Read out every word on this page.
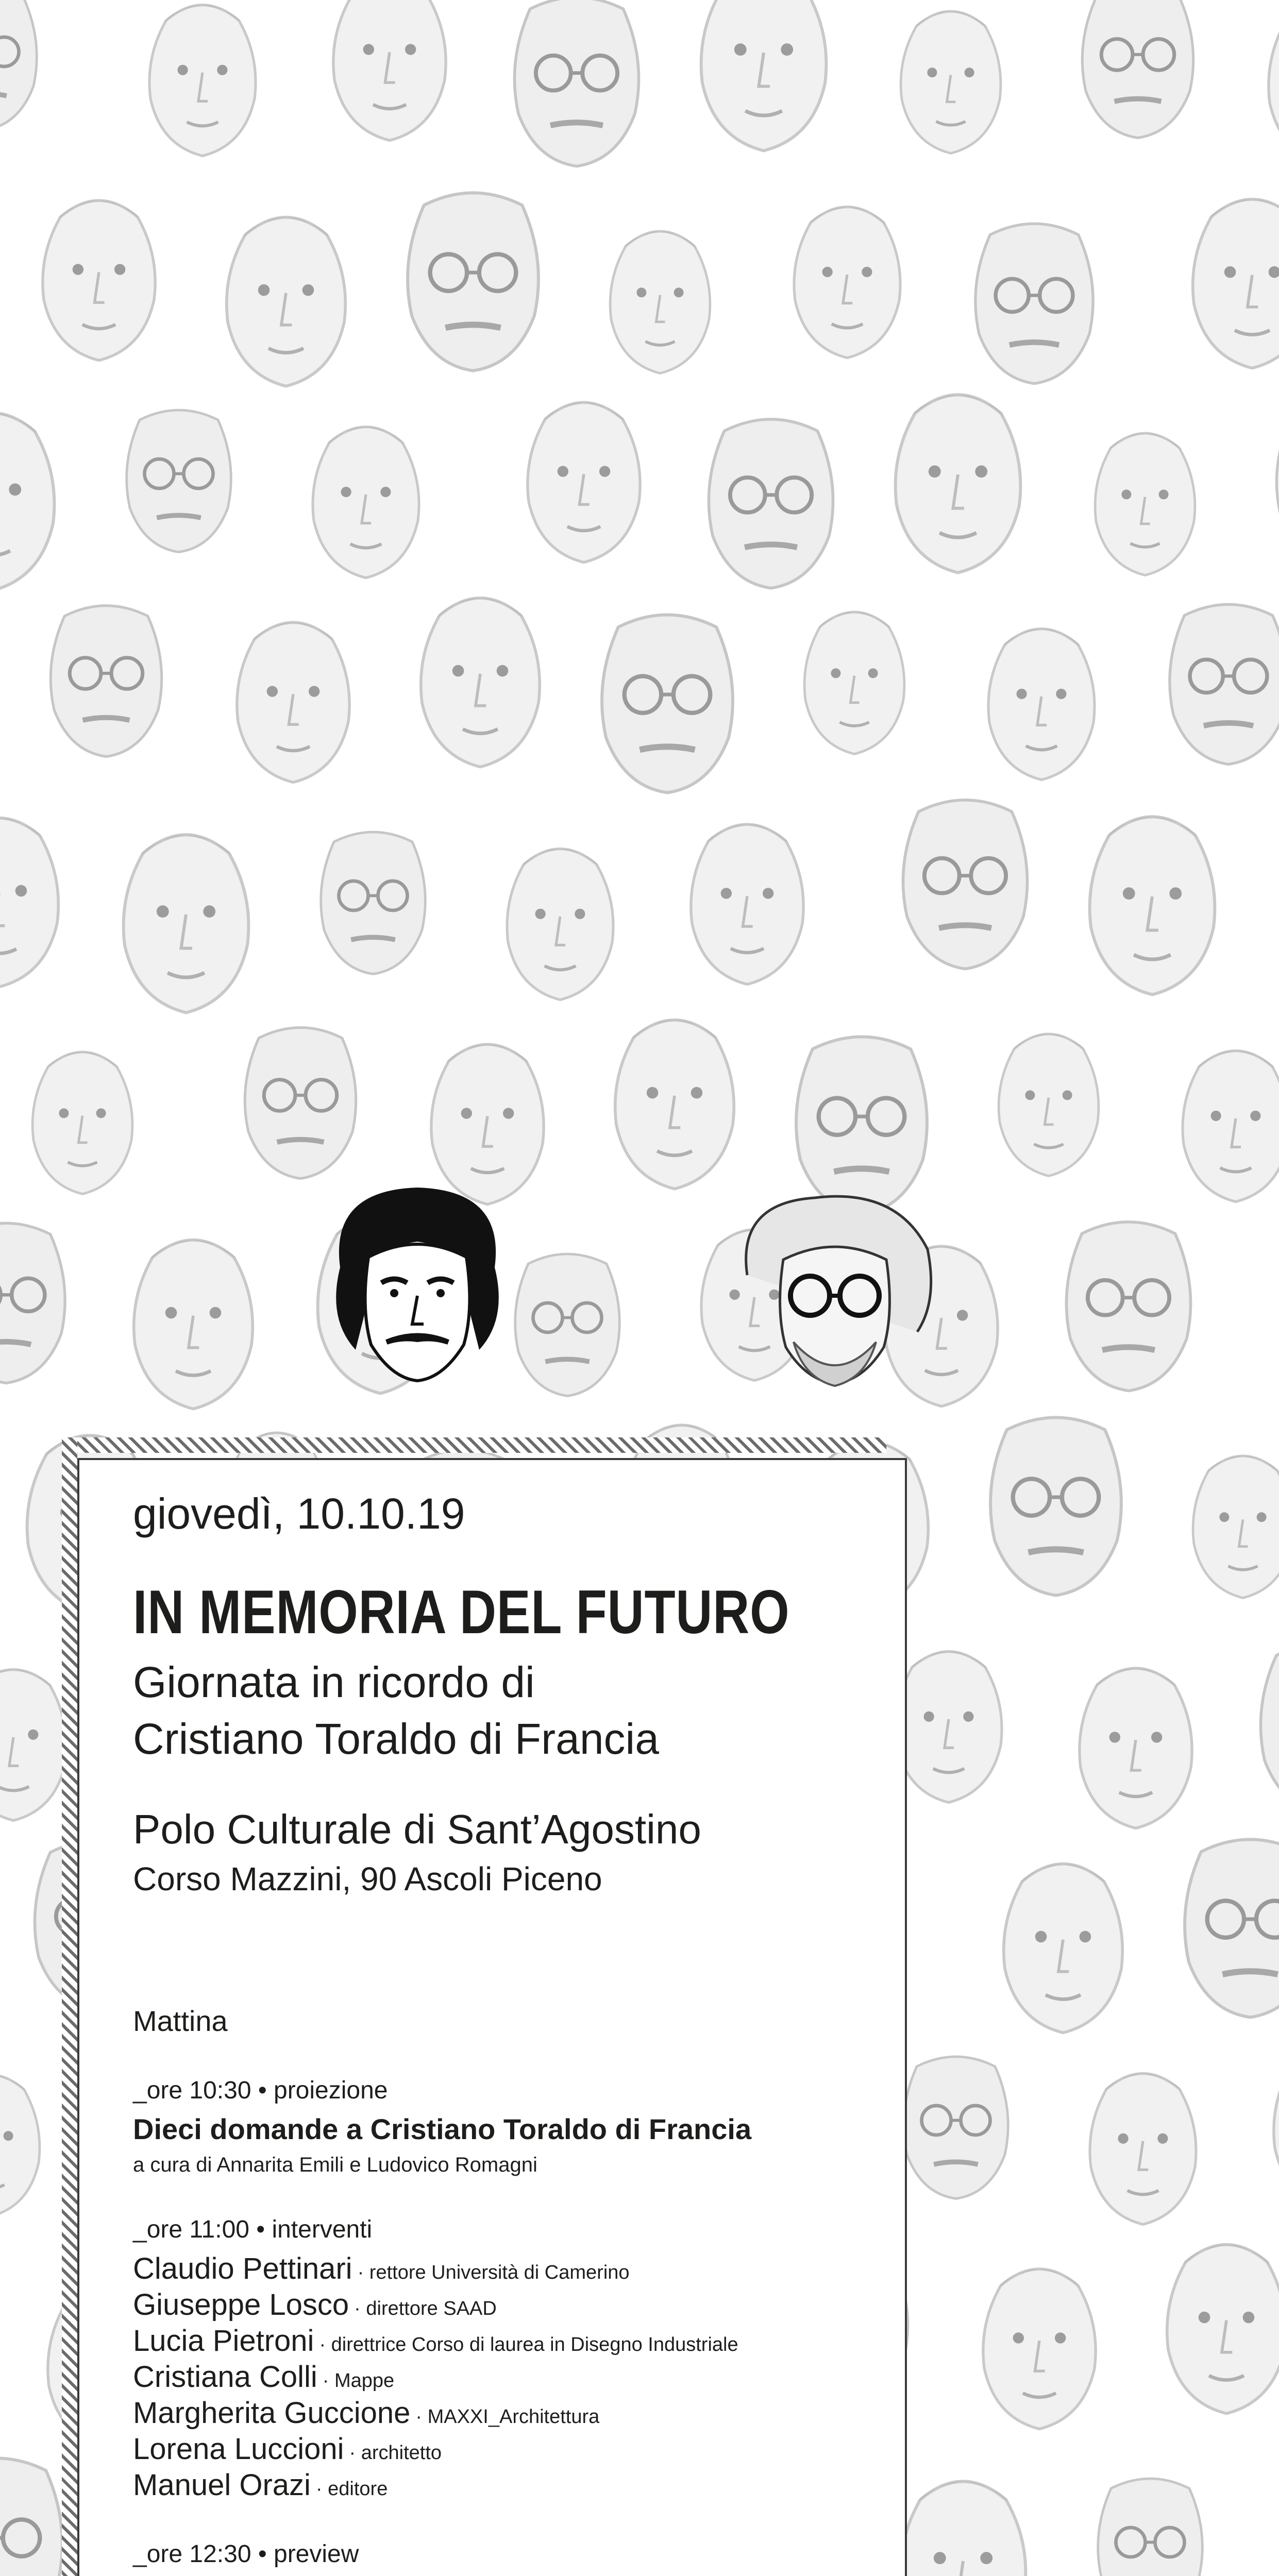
giovedì, 10.10.19
IN MEMORIA DEL FUTURO
Giornata in ricordo di
Cristiano Toraldo di Francia
Polo Culturale di Sant’Agostino
Corso Mazzini, 90 Ascoli Piceno
Mattina
_ore 10:30 • proiezione
Dieci domande a Cristiano Toraldo di Francia
a cura di Annarita Emili e Ludovico Romagni
_ore 11:00 • interventi
Claudio Pettinari · rettore Università di Camerino
Giuseppe Losco · direttore SAAD
Lucia Pietroni · direttrice Corso di laurea in Disegno Industriale
Cristiana Colli · Mappe
Margherita Guccione · MAXXI_Architettura
Lorena Luccioni · architetto
Manuel Orazi · editore
_ore 12:30 • preview
